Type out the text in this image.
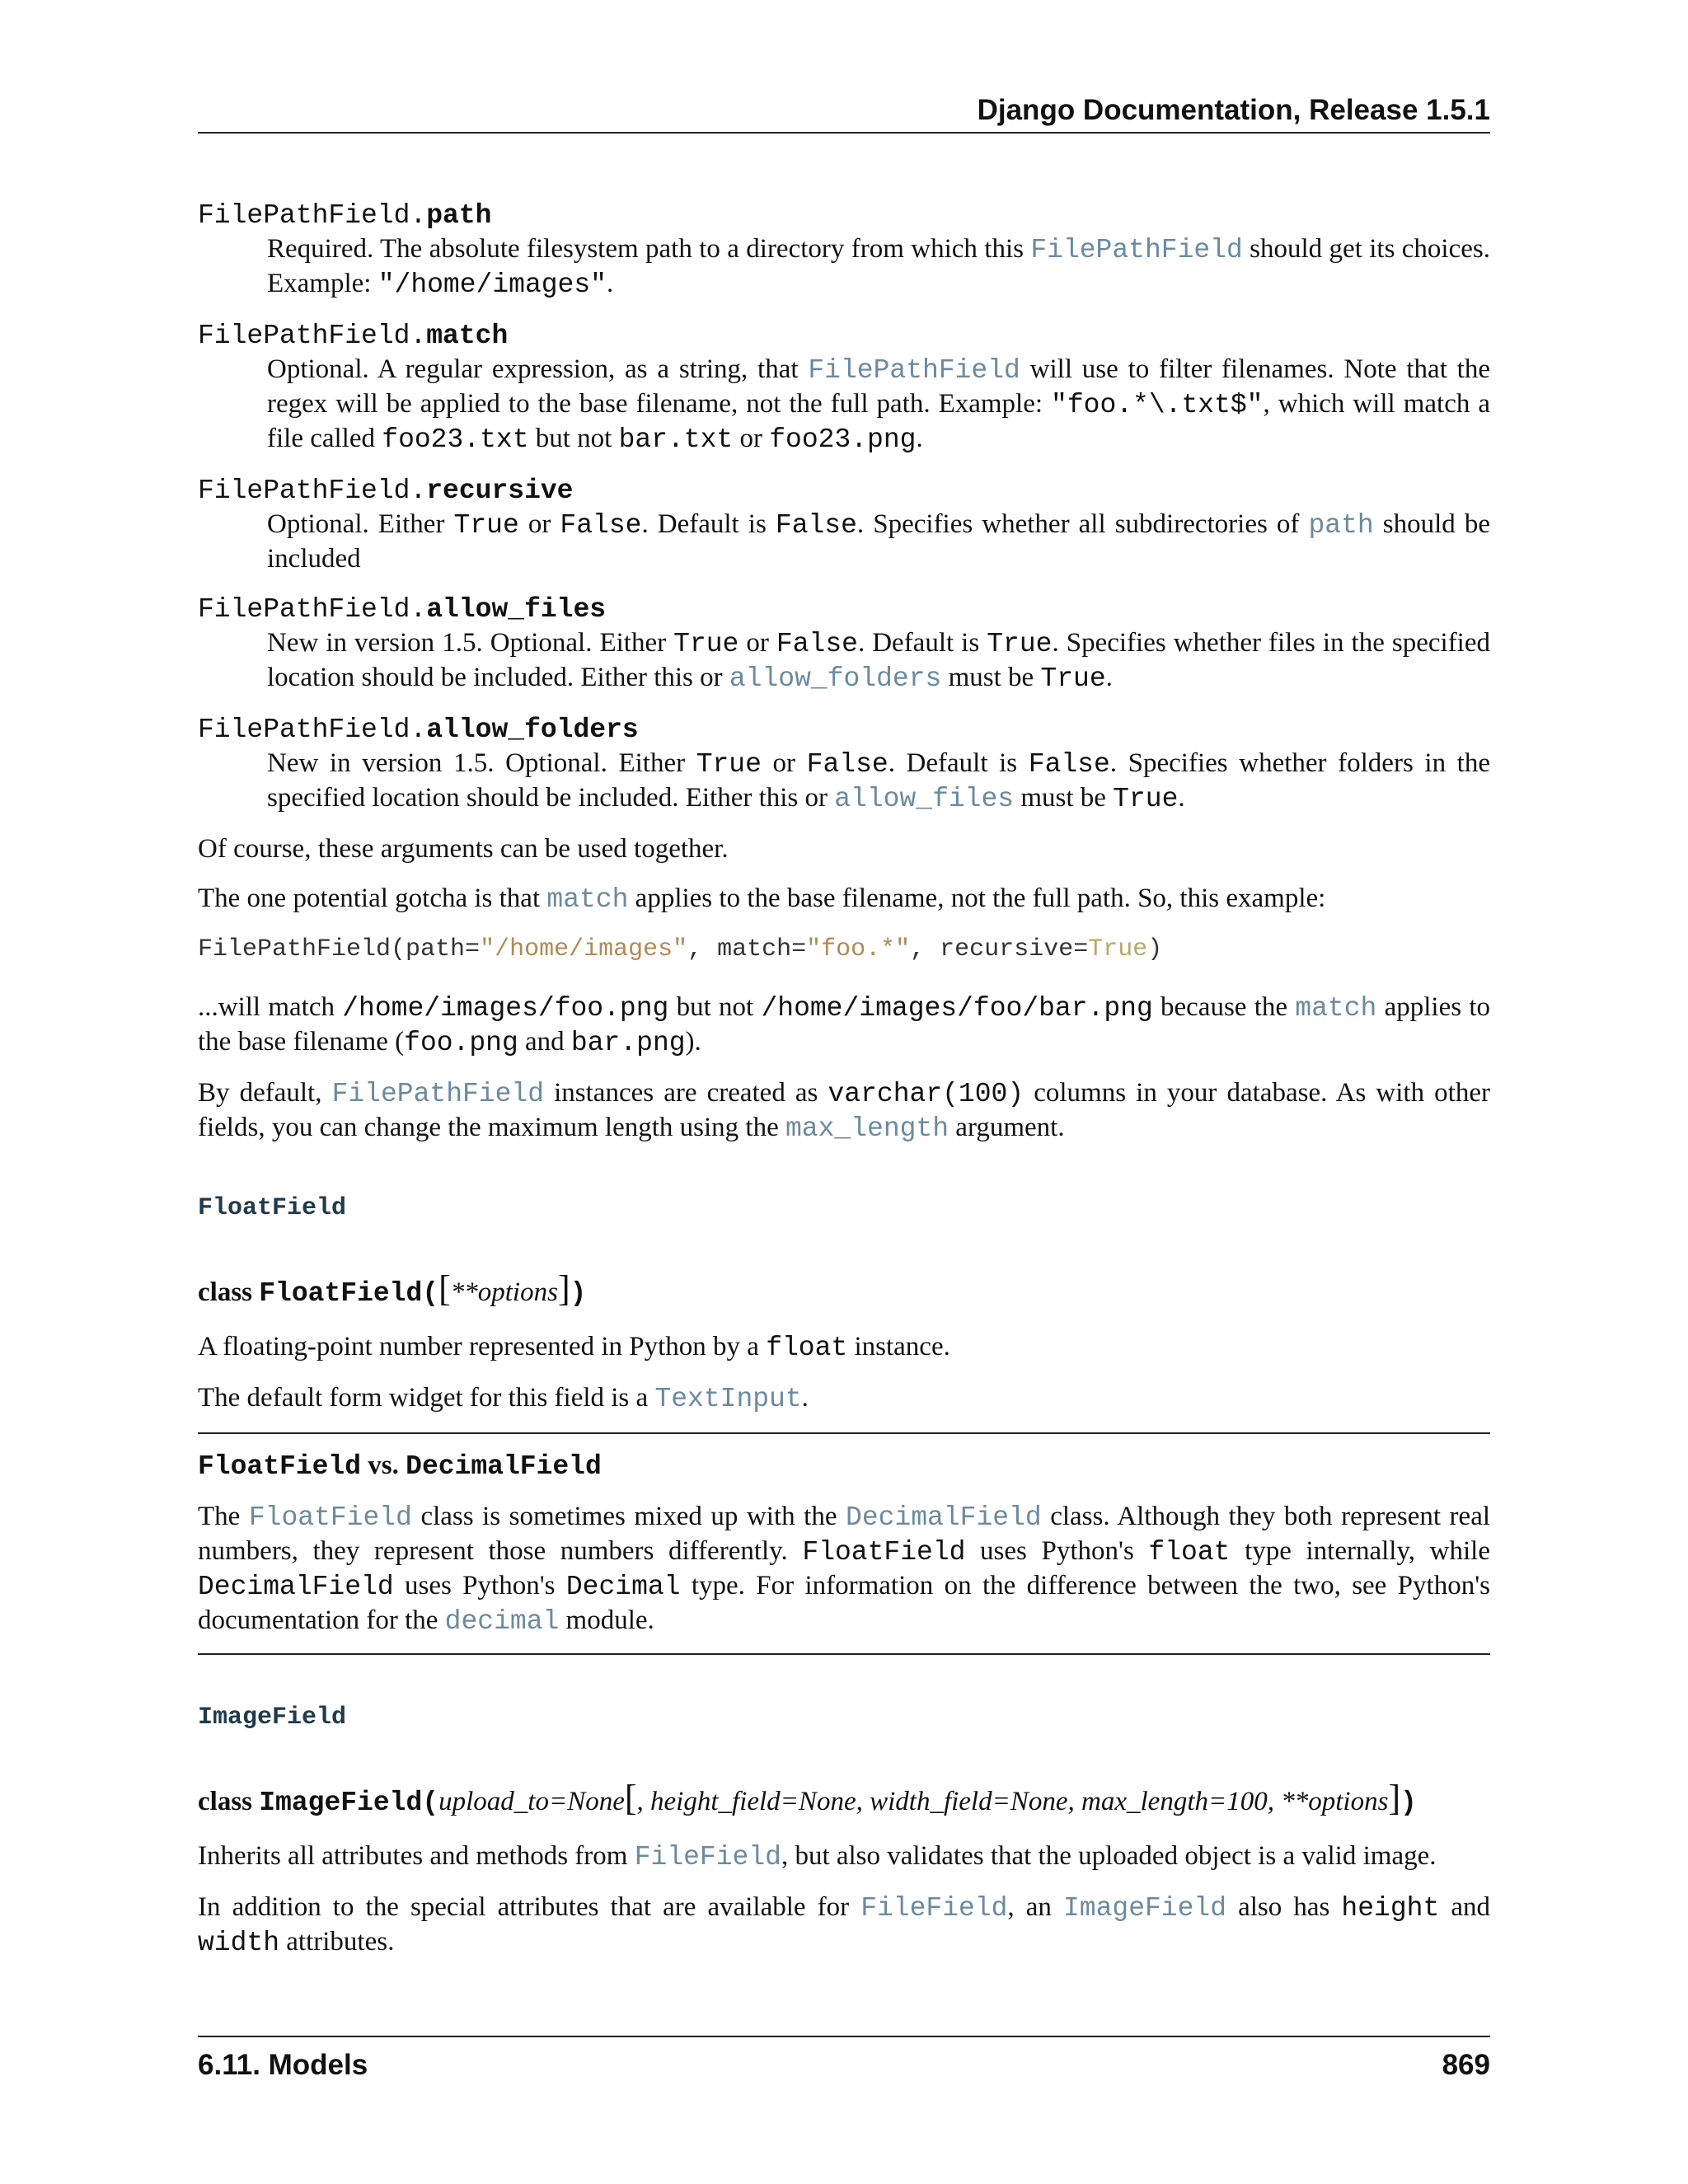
Django Documentation, Release 1.5.1
FilePathField.path
Required. The absolute filesystem path to a directory from which this FilePathField should get its choices. Example: "/home/images".
FilePathField.match
Optional. A regular expression, as a string, that FilePathField will use to filter filenames. Note that the regex will be applied to the base filename, not the full path. Example: "foo.*\.txt$", which will match a file called foo23.txt but not bar.txt or foo23.png.
FilePathField.recursive
Optional. Either True or False. Default is False. Specifies whether all subdirectories of path should be included
FilePathField.allow_files
New in version 1.5. Optional. Either True or False. Default is True. Specifies whether files in the specified location should be included. Either this or allow_folders must be True.
FilePathField.allow_folders
New in version 1.5. Optional. Either True or False. Default is False. Specifies whether folders in the specified location should be included. Either this or allow_files must be True.

Of course, these arguments can be used together.

The one potential gotcha is that match applies to the base filename, not the full path. So, this example:

FilePathField(path="/home/images", match="foo.*", recursive=True)

...will match /home/images/foo.png but not /home/images/foo/bar.png because the match applies to the base filename (foo.png and bar.png).

By default, FilePathField instances are created as varchar(100) columns in your database. As with other fields, you can change the maximum length using the max_length argument.

FloatField
class FloatField([**options])

A floating-point number represented in Python by a float instance.

The default form widget for this field is a TextInput.

FloatField vs. DecimalField

The FloatField class is sometimes mixed up with the DecimalField class. Although they both represent real numbers, they represent those numbers differently. FloatField uses Python's float type internally, while DecimalField uses Python's Decimal type. For information on the difference between the two, see Python's documentation for the decimal module.

ImageField
class ImageField(upload_to=None[, height_field=None, width_field=None, max_length=100, **options])

Inherits all attributes and methods from FileField, but also validates that the uploaded object is a valid image.

In addition to the special attributes that are available for FileField, an ImageField also has height and width attributes.

6.11. Models	869
